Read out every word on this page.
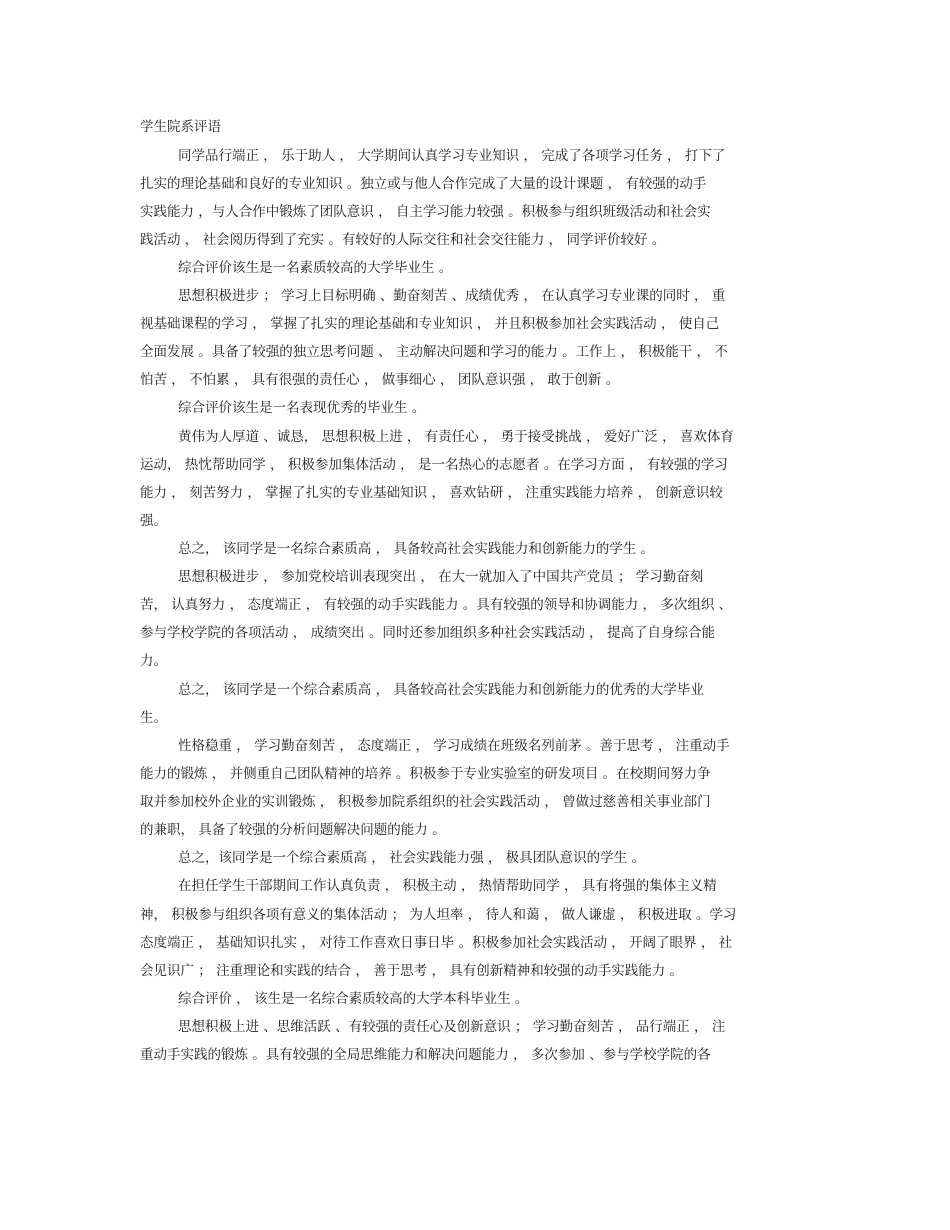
学生院系评语
同学品行端正 ， 乐于助人 ， 大学期间认真学习专业知识 ， 完成了各项学习任务 ， 打下了
扎实的理论基础和良好的专业知识 。独立或与他人合作完成了大量的设计课题 ， 有较强的动手
实践能力 ，与人合作中锻炼了团队意识 ， 自主学习能力较强 。积极参与组织班级活动和社会实
践活动 ， 社会阅历得到了充实 。有较好的人际交往和社会交往能力 ， 同学评价较好 。
综合评价该生是一名素质较高的大学毕业生 。
思想积极进步 ； 学习上目标明确 、勤奋刻苦 、成绩优秀 ， 在认真学习专业课的同时 ， 重
视基础课程的学习 ， 掌握了扎实的理论基础和专业知识 ， 并且积极参加社会实践活动 ， 使自己
全面发展 。具备了较强的独立思考问题 、 主动解决问题和学习的能力 。工作上 ， 积极能干 ， 不
怕苦 ， 不怕累 ， 具有很强的责任心 ， 做事细心 ， 团队意识强 ， 敢于创新 。
综合评价该生是一名表现优秀的毕业生 。
黄伟为人厚道 、诚恳， 思想积极上进 ， 有责任心 ， 勇于接受挑战 ， 爱好广泛 ， 喜欢体育
运动， 热忱帮助同学 ， 积极参加集体活动 ， 是一名热心的志愿者 。在学习方面 ， 有较强的学习
能力 ， 刻苦努力 ， 掌握了扎实的专业基础知识 ， 喜欢钻研 ， 注重实践能力培养 ， 创新意识较
强。
总之， 该同学是一名综合素质高 ， 具备较高社会实践能力和创新能力的学生 。
思想积极进步 ， 参加党校培训表现突出 ， 在大一就加入了中国共产党员 ； 学习勤奋刻
苦， 认真努力 ， 态度端正 ， 有较强的动手实践能力 。具有较强的领导和协调能力 ， 多次组织 、
参与学校学院的各项活动 ， 成绩突出 。同时还参加组织多种社会实践活动 ， 提高了自身综合能
力。
总之， 该同学是一个综合素质高 ， 具备较高社会实践能力和创新能力的优秀的大学毕业
生。
性格稳重 ， 学习勤奋刻苦 ， 态度端正 ， 学习成绩在班级名列前茅 。善于思考 ， 注重动手
能力的锻炼 ， 并侧重自己团队精神的培养 。积极参于专业实验室的研发项目 。在校期间努力争
取并参加校外企业的实训锻炼 ， 积极参加院系组织的社会实践活动 ， 曾做过慈善相关事业部门
的兼职， 具备了较强的分析问题解决问题的能力 。
总之，该同学是一个综合素质高 ， 社会实践能力强 ， 极具团队意识的学生 。
在担任学生干部期间工作认真负责 ， 积极主动 ， 热情帮助同学 ， 具有将强的集体主义精
神， 积极参与组织各项有意义的集体活动 ； 为人坦率 ， 待人和蔼 ， 做人谦虚 ， 积极进取 。学习
态度端正 ， 基础知识扎实 ， 对待工作喜欢日事日毕 。积极参加社会实践活动 ， 开阔了眼界 ， 社
会见识广 ； 注重理论和实践的结合 ， 善于思考 ， 具有创新精神和较强的动手实践能力 。
综合评价 ， 该生是一名综合素质较高的大学本科毕业生 。
思想积极上进 、思维活跃 、有较强的责任心及创新意识 ； 学习勤奋刻苦 ， 品行端正 ， 注
重动手实践的锻炼 。具有较强的全局思维能力和解决问题能力 ， 多次参加 、参与学校学院的各
